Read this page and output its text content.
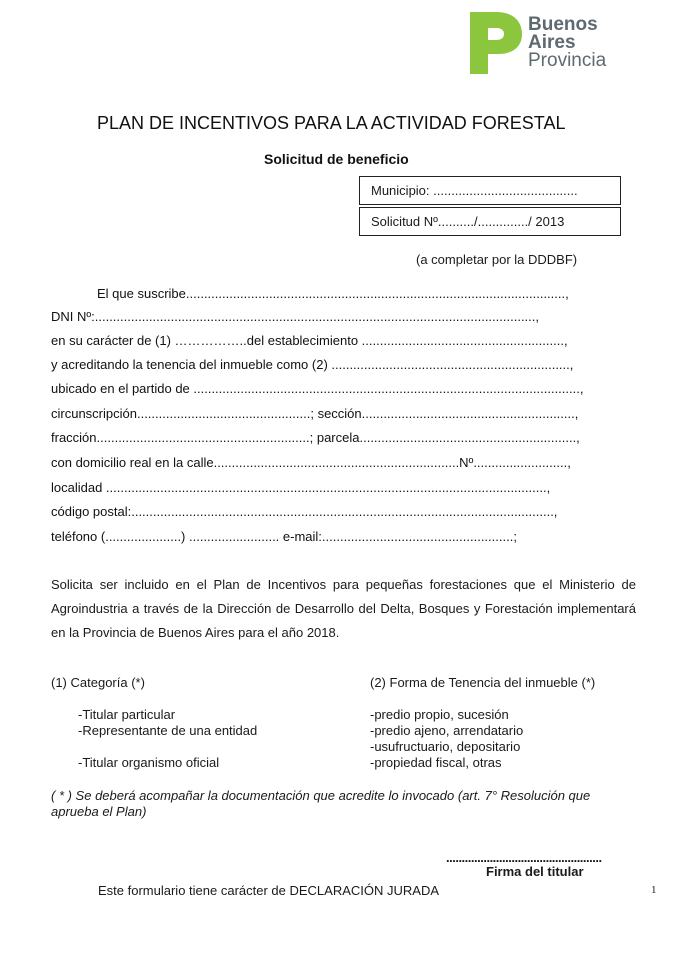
Buenos
Aires
Provincia
PLAN DE INCENTIVOS PARA LA ACTIVIDAD FORESTAL
Solicitud de beneficio
Municipio: ........................................
Solicitud Nº........../............../ 2013
(a completar por la DDDBF)
El que suscribe.........................................................................................................,
DNI Nº:..........................................................................................................................,
en su carácter de (1) ……………..del establecimiento ........................................................,
y acreditando la tenencia del inmueble como (2) ..................................................................,
ubicado en el partido de ...........................................................................................................,
circunscripción................................................; sección...........................................................,
fracción...........................................................; parcela............................................................,
con domicilio real en la calle....................................................................Nº..........................,
localidad ..........................................................................................................................,
código postal:.....................................................................................................................,
teléfono (.....................) ......................... e-mail:.....................................................;
Solicita ser incluido en el Plan de Incentivos para pequeñas forestaciones que el Ministerio de Agroindustria a través de la Dirección de Desarrollo del Delta, Bosques y Forestación implementará en la Provincia de Buenos Aires para el año 2018.
(1) Categoría (*)	(2) Forma de Tenencia del inmueble (*)
-Titular particular
-Representante de una entidad
-Titular organismo oficial
-predio propio, sucesión
-predio ajeno, arrendatario
-usufructuario, depositario
-propiedad fiscal, otras
( * ) Se deberá acompañar la documentación que acredite lo invocado (art. 7° Resolución que aprueba el Plan)
..................................................
Firma del titular
Este formulario tiene carácter de DECLARACIÓN JURADA	1
